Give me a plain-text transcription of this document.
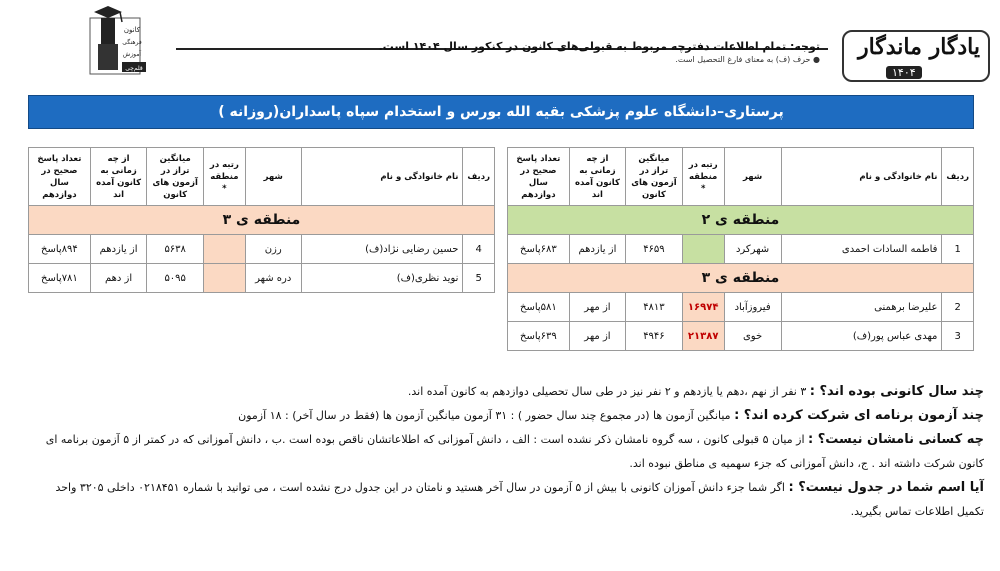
یادگار ماندگار
۱۴۰۴
توجه: تمام اطلاعات دفترچه مربوط به قبولی‌های کانون در کنکور سال ۱۴۰۴ است.
● حرف (ف) به معنای فارغ التحصیل است.
کانون
فرهنگی
آموزش
قلم‌چی
پرستاری–دانشگاه علوم پزشکی بقیه الله بورس و استخدام سپاه پاسداران(روزانه )
ردیف	نام خانوادگی و نام	شهر	رتبه در منطقه *	میانگین تراز در آزمون های کانون	از چه زمانی به کانون آمده اند	تعداد پاسخ صحیح در سال دوازدهم
منطقه ی ۲						
1	فاطمه السادات احمدی	شهرکرد		۴۶۵۹	از یازدهم	۶۸۳پاسخ
منطقه ی ۳						
2	علیرضا برهمنی	فیروزآباد	۱۶۹۷۴	۴۸۱۳	از مهر	۵۸۱پاسخ
3	مهدی عباس پور(ف)	خوی	۲۱۳۸۷	۴۹۴۶	از مهر	۶۳۹پاسخ
ردیف	نام خانوادگی و نام	شهر	رتبه در منطقه *	میانگین تراز در آزمون های کانون	از چه زمانی به کانون آمده اند	تعداد پاسخ صحیح در سال دوازدهم
منطقه ی ۳						
4	حسین رضایی نژاد(ف)	رزن		۵۶۳۸	از یازدهم	۸۹۴پاسخ
5	نوید نظری(ف)	دره شهر		۵۰۹۵	از دهم	۷۸۱پاسخ

چند سال کانونی بوده اند؟ : ۳ نفر از نهم ،دهم یا یازدهم و ۲ نفر نیز در طی سال تحصیلی دوازدهم به کانون آمده اند.

چند آزمون برنامه ای شرکت کرده اند؟ : میانگین آزمون ها (در مجموع چند سال حضور ) : ۳۱ آزمون میانگین آزمون ها (فقط در سال آخر) : ۱۸ آزمون

چه کسانی نامشان نیست؟ : از میان ۵ قبولی کانون ، سه گروه نامشان ذکر نشده است : الف ، دانش آموزانی که اطلاعاتشان ناقص بوده است .ب ، دانش آموزانی که در کمتر از ۵ آزمون برنامه ای

کانون شرکت داشته اند . ج، دانش آموزانی که جزء سهمیه ی مناطق نبوده اند.

آیا اسم شما در جدول نیست؟ : اگر شما جزء دانش آموزان کانونی با بیش از ۵ آزمون در سال آخر هستید و نامتان در این جدول درج نشده است ، می توانید با شماره ۰۲۱۸۴۵۱ داخلی ۳۲۰۵ واحد

تکمیل اطلاعات تماس بگیرید.
